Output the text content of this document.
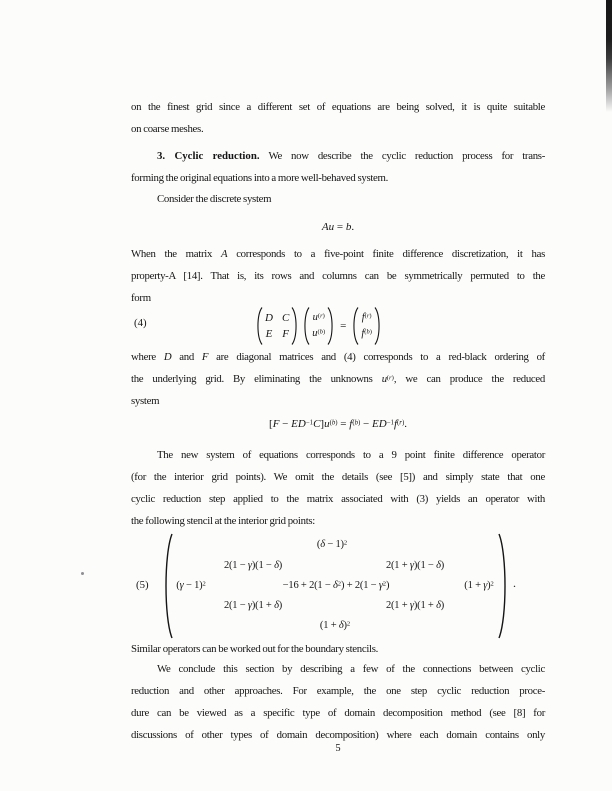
on the finest grid since a different set of equations are being solved, it is quite suitable
on coarse meshes.
3. Cyclic reduction. We now describe the cyclic reduction process for trans-
forming the original equations into a more well-behaved system.
Consider the discrete system
Au = b.
When the matrix A corresponds to a five-point finite difference discretization, it has
property-A [14]. That is, its rows and columns can be symmetrically permuted to the
form
(4)	D C
E F
$u^{(r)}$
$u^{(b)}$
=
$f^{(r)}$
$f^{(b)}$
where D and F are diagonal matrices and (4) corresponds to a red-black ordering of
the underlying grid. By eliminating the unknowns $u^{(r)}$, we can produce the reduced
system
$[F - ED^{-1}C]u^{(b)} = f^{(b)} - ED^{-1}f^{(r)}$.
The new system of equations corresponds to a 9 point finite difference operator
(for the interior grid points). We omit the details (see [5]) and simply state that one
cyclic reduction step applied to the matrix associated with (3) yields an operator with
the following stencil at the interior grid points:
(5)
$(\delta - 1)^2$
2(1 − γ)(1 − δ)	2(1 + γ)(1 − δ)
$(\gamma - 1)^2$	$-16 + 2(1 - \delta^2) + 2(1 - \gamma^2)$	$(1 + \gamma)^2$
2(1 − γ)(1 + δ)	2(1 + γ)(1 + δ)
$(1 + \delta)^2$
.
Similar operators can be worked out for the boundary stencils.
We conclude this section by describing a few of the connections between cyclic
reduction and other approaches. For example, the one step cyclic reduction proce-
dure can be viewed as a specific type of domain decomposition method (see [8] for
discussions of other types of domain decomposition) where each domain contains only
5
